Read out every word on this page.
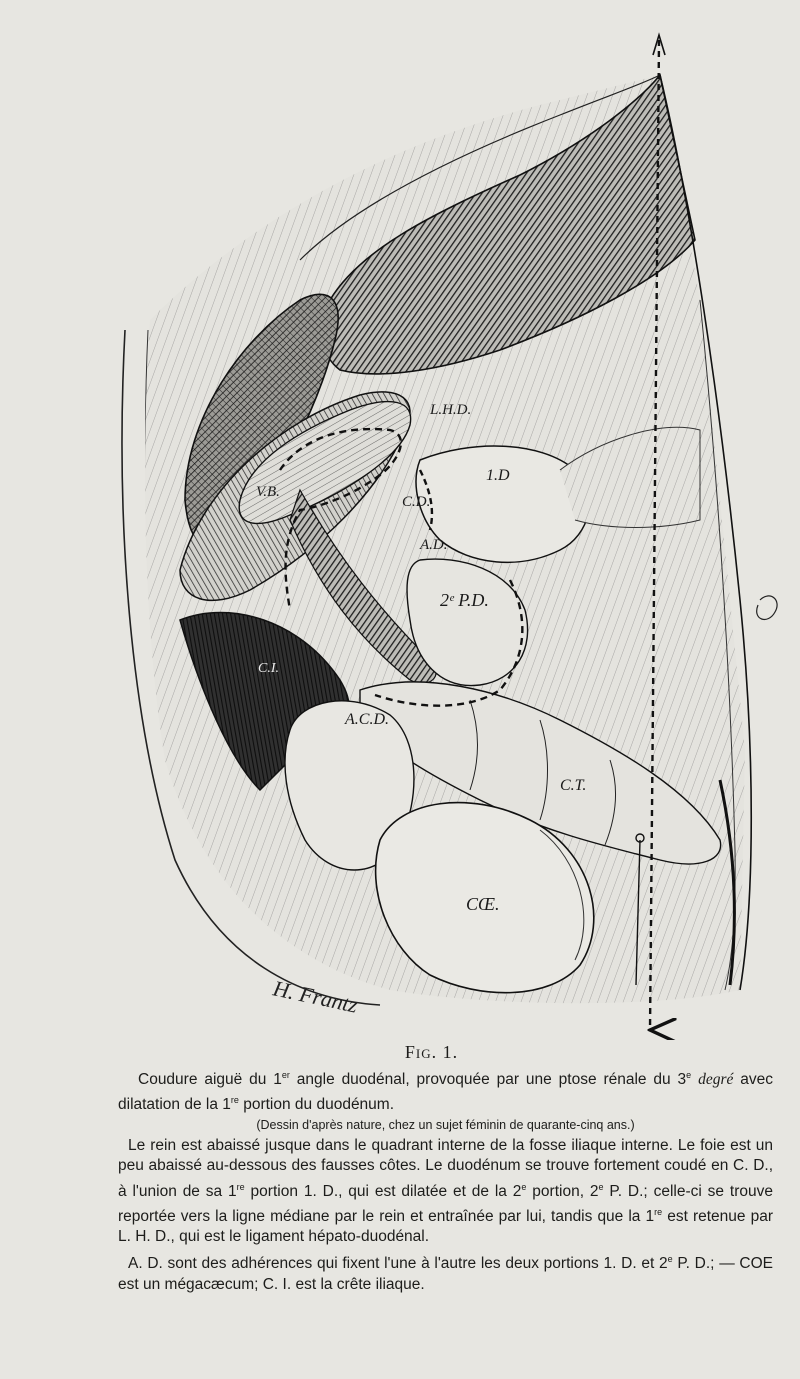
L.H.D.
1.D
V.B.
C.D.
A.D.
2ᵉ P.D.
C.I.
A.C.D.
C.T.
CŒ.
H. Frantz
Fig. 1.
Coudure aiguë du 1er angle duodénal, provoquée par une ptose rénale du 3e degré avec dilatation de la 1re portion du duodénum.
(Dessin d'après nature, chez un sujet féminin de quarante-cinq ans.)

Le rein est abaissé jusque dans le quadrant interne de la fosse iliaque interne. Le foie est un peu abaissé au-dessous des fausses côtes. Le duodénum se trouve fortement coudé en C. D., à l'union de sa 1re portion 1. D., qui est dilatée et de la 2e portion, 2e P. D.; celle-ci se trouve reportée vers la ligne médiane par le rein et entraînée par lui, tandis que la 1re est retenue par L. H. D., qui est le ligament hépato-duodénal.

A. D. sont des adhérences qui fixent l'une à l'autre les deux portions 1. D. et 2e P. D.; — COE est un mégacæcum; C. I. est la crête iliaque.
